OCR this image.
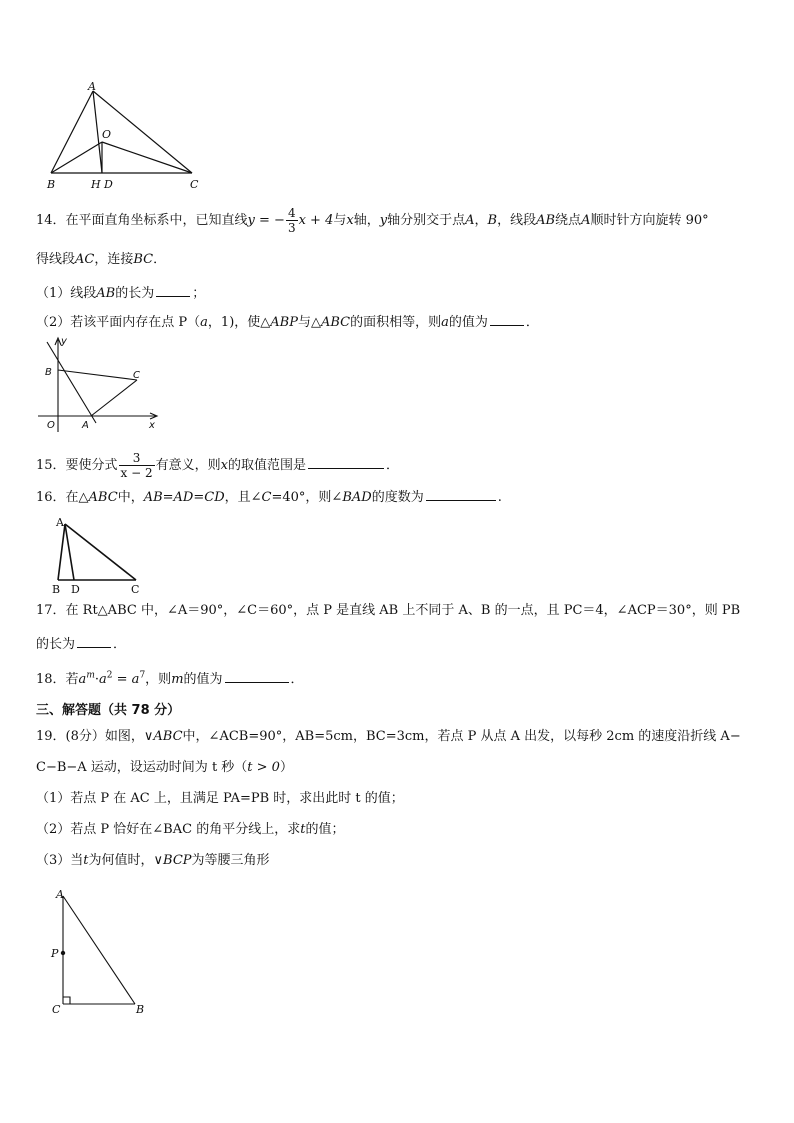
A
O
B	H D	C
14．在平面直角坐标系中，已知直线y = − $\frac{4}{3}$ x + 4与x轴，y轴分别交于点A，B，线段AB绕点A顺时针方向旋转 90°
得线段AC，连接BC．
（1）线段AB的长为	；
（2）若该平面内存在点 P（a，1)，使△ABP与△ABC的面积相等，则a的值为	．
y
B	C
O	A	x
15．要使分式 $\frac{3}{x - 2}$ 有意义，则x的取值范围是	．
16．在△ABC中，AB=AD=CD，且∠C=40°，则∠BAD的度数为	.
A
B D	C
17．在 Rt△ABC 中，∠A＝90°，∠C＝60°，点 P 是直线 AB 上不同于 A、B 的一点，且 PC＝4，∠ACP＝30°，则 PB
的长为	．
18．若$a^m\cdot a^2 = a^7$，则m的值为	．
三、解答题（共 78 分）
19．(8分）如图，∨ABC中，∠ACB=90°，AB=5cm，BC=3cm，若点 P 从点 A 出发，以每秒 2cm 的速度沿折线 A−
C−B−A 运动，设运动时间为 t 秒（t > 0）
（1）若点 P 在 AC 上，且满足 PA=PB 时，求出此时 t 的值；
（2）若点 P 恰好在∠BAC 的角平分线上，求t的值；
（3）当t为何值时，∨BCP为等腰三角形
A
P
C	B
